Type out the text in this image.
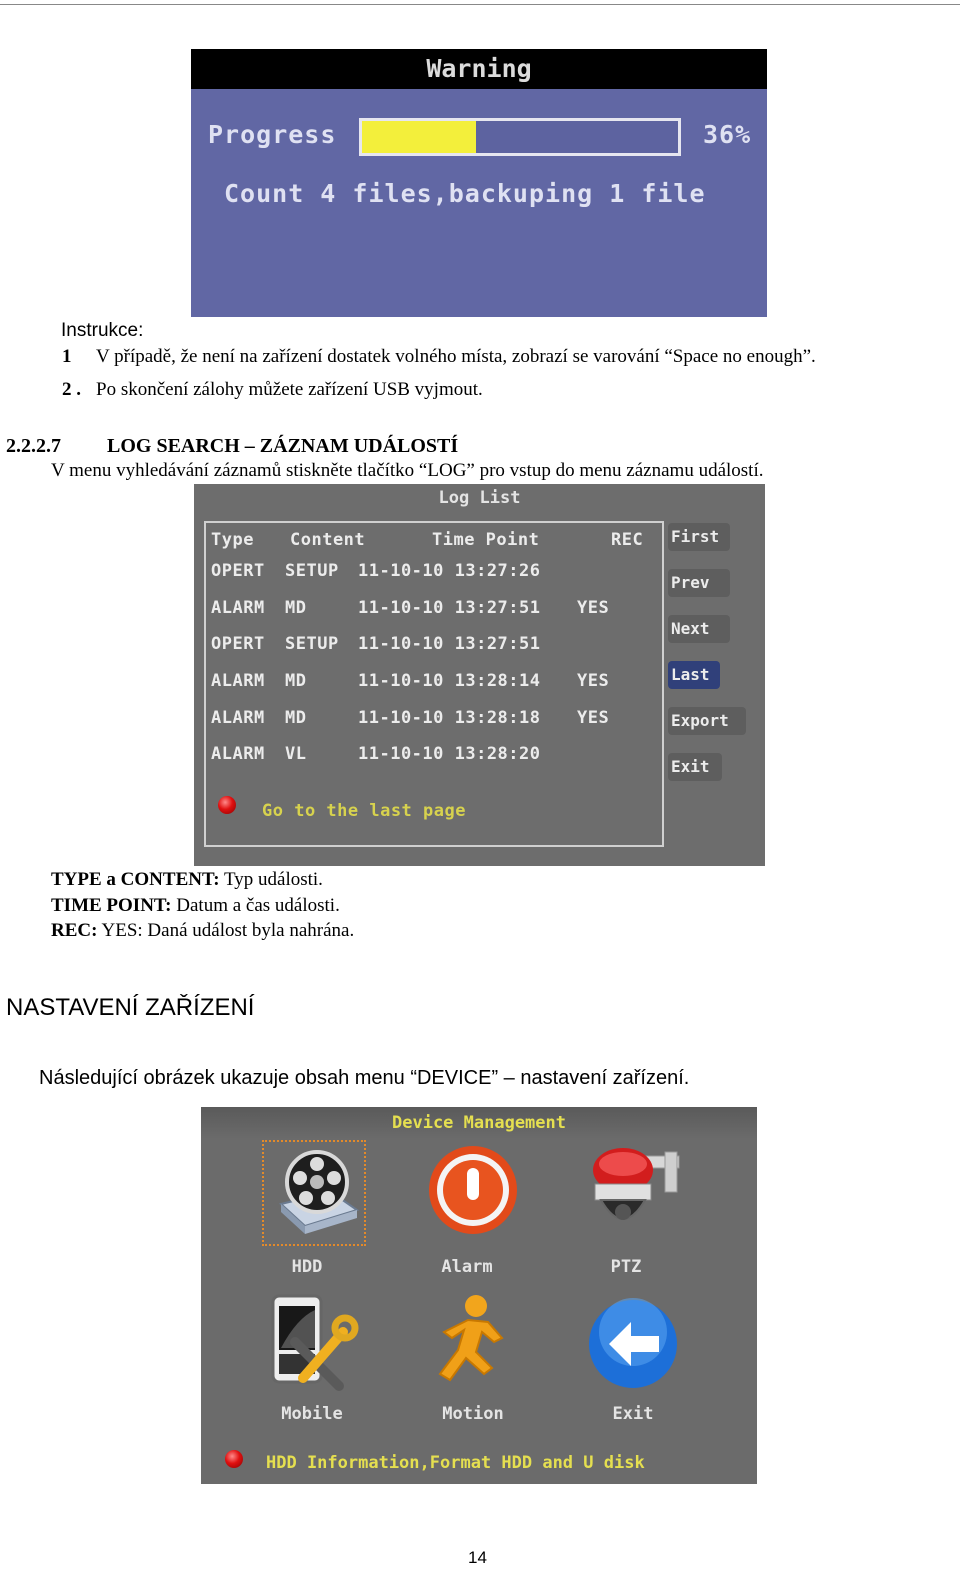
Warning
Progress	36%
Count 4 files,backuping 1 file
Instrukce:
1 V případě, že není na zařízení dostatek volného místa, zobrazí se varování “Space no enough”.
2 . Po skončení zálohy můžete zařízení USB vyjmout.
2.2.2.7 LOG SEARCH – ZÁZNAM UDÁLOSTÍ
V menu vyhledávání záznamů stiskněte tlačítko “LOG” pro vstup do menu záznamu událostí.
Log List
Type Content	Time Point	REC
OPERT SETUP 11-10-10 13:27:26
ALARM MD	11-10-10 13:27:51 YES
OPERT SETUP 11-10-10 13:27:51
ALARM MD	11-10-10 13:28:14 YES
ALARM MD	11-10-10 13:28:18 YES
ALARM VL	11-10-10 13:28:20
Go to the last page
First
Prev
Next
Last
Export
Exit
TYPE a CONTENT: Typ události.
TIME POINT: Datum a čas události.
REC: YES: Daná událost byla nahrána.
NASTAVENÍ ZAŘÍZENÍ
Následující obrázek ukazuje obsah menu “DEVICE” – nastavení zařízení.
Device Management
HDD	Alarm	PTZ
Mobile	Motion	Exit
HDD Information,Format HDD and U disk
14
